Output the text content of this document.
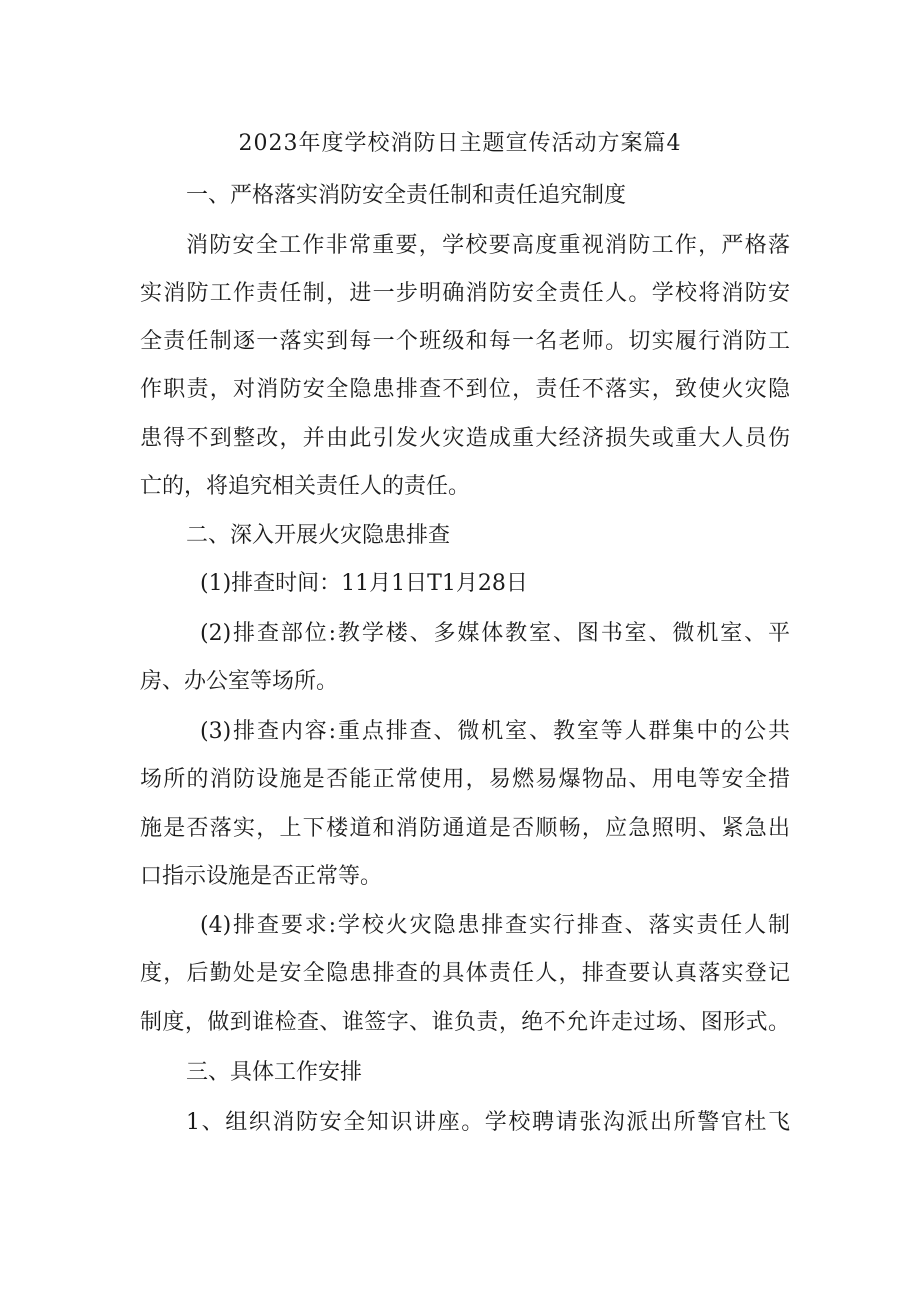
2023年度学校消防日主题宣传活动方案篇4
一、严格落实消防安全责任制和责任追究制度
消防安全工作非常重要，学校要高度重视消防工作，严格落
实消防工作责任制，进一步明确消防安全责任人。学校将消防安
全责任制逐一落实到每一个班级和每一名老师。切实履行消防工
作职责，对消防安全隐患排查不到位，责任不落实，致使火灾隐
患得不到整改，并由此引发火灾造成重大经济损失或重大人员伤
亡的，将追究相关责任人的责任。
二、深入开展火灾隐患排查
(1)排查时间：11月1日T1月28日
(2)排查部位:教学楼、多媒体教室、图书室、微机室、平
房、办公室等场所。
(3)排查内容:重点排查、微机室、教室等人群集中的公共
场所的消防设施是否能正常使用，易燃易爆物品、用电等安全措
施是否落实，上下楼道和消防通道是否顺畅，应急照明、紧急出
口指示设施是否正常等。
(4)排查要求:学校火灾隐患排查实行排查、落实责任人制
度，后勤处是安全隐患排查的具体责任人，排查要认真落实登记
制度，做到谁检查、谁签字、谁负责，绝不允许走过场、图形式。
三、具体工作安排
1、组织消防安全知识讲座。学校聘请张沟派出所警官杜飞
